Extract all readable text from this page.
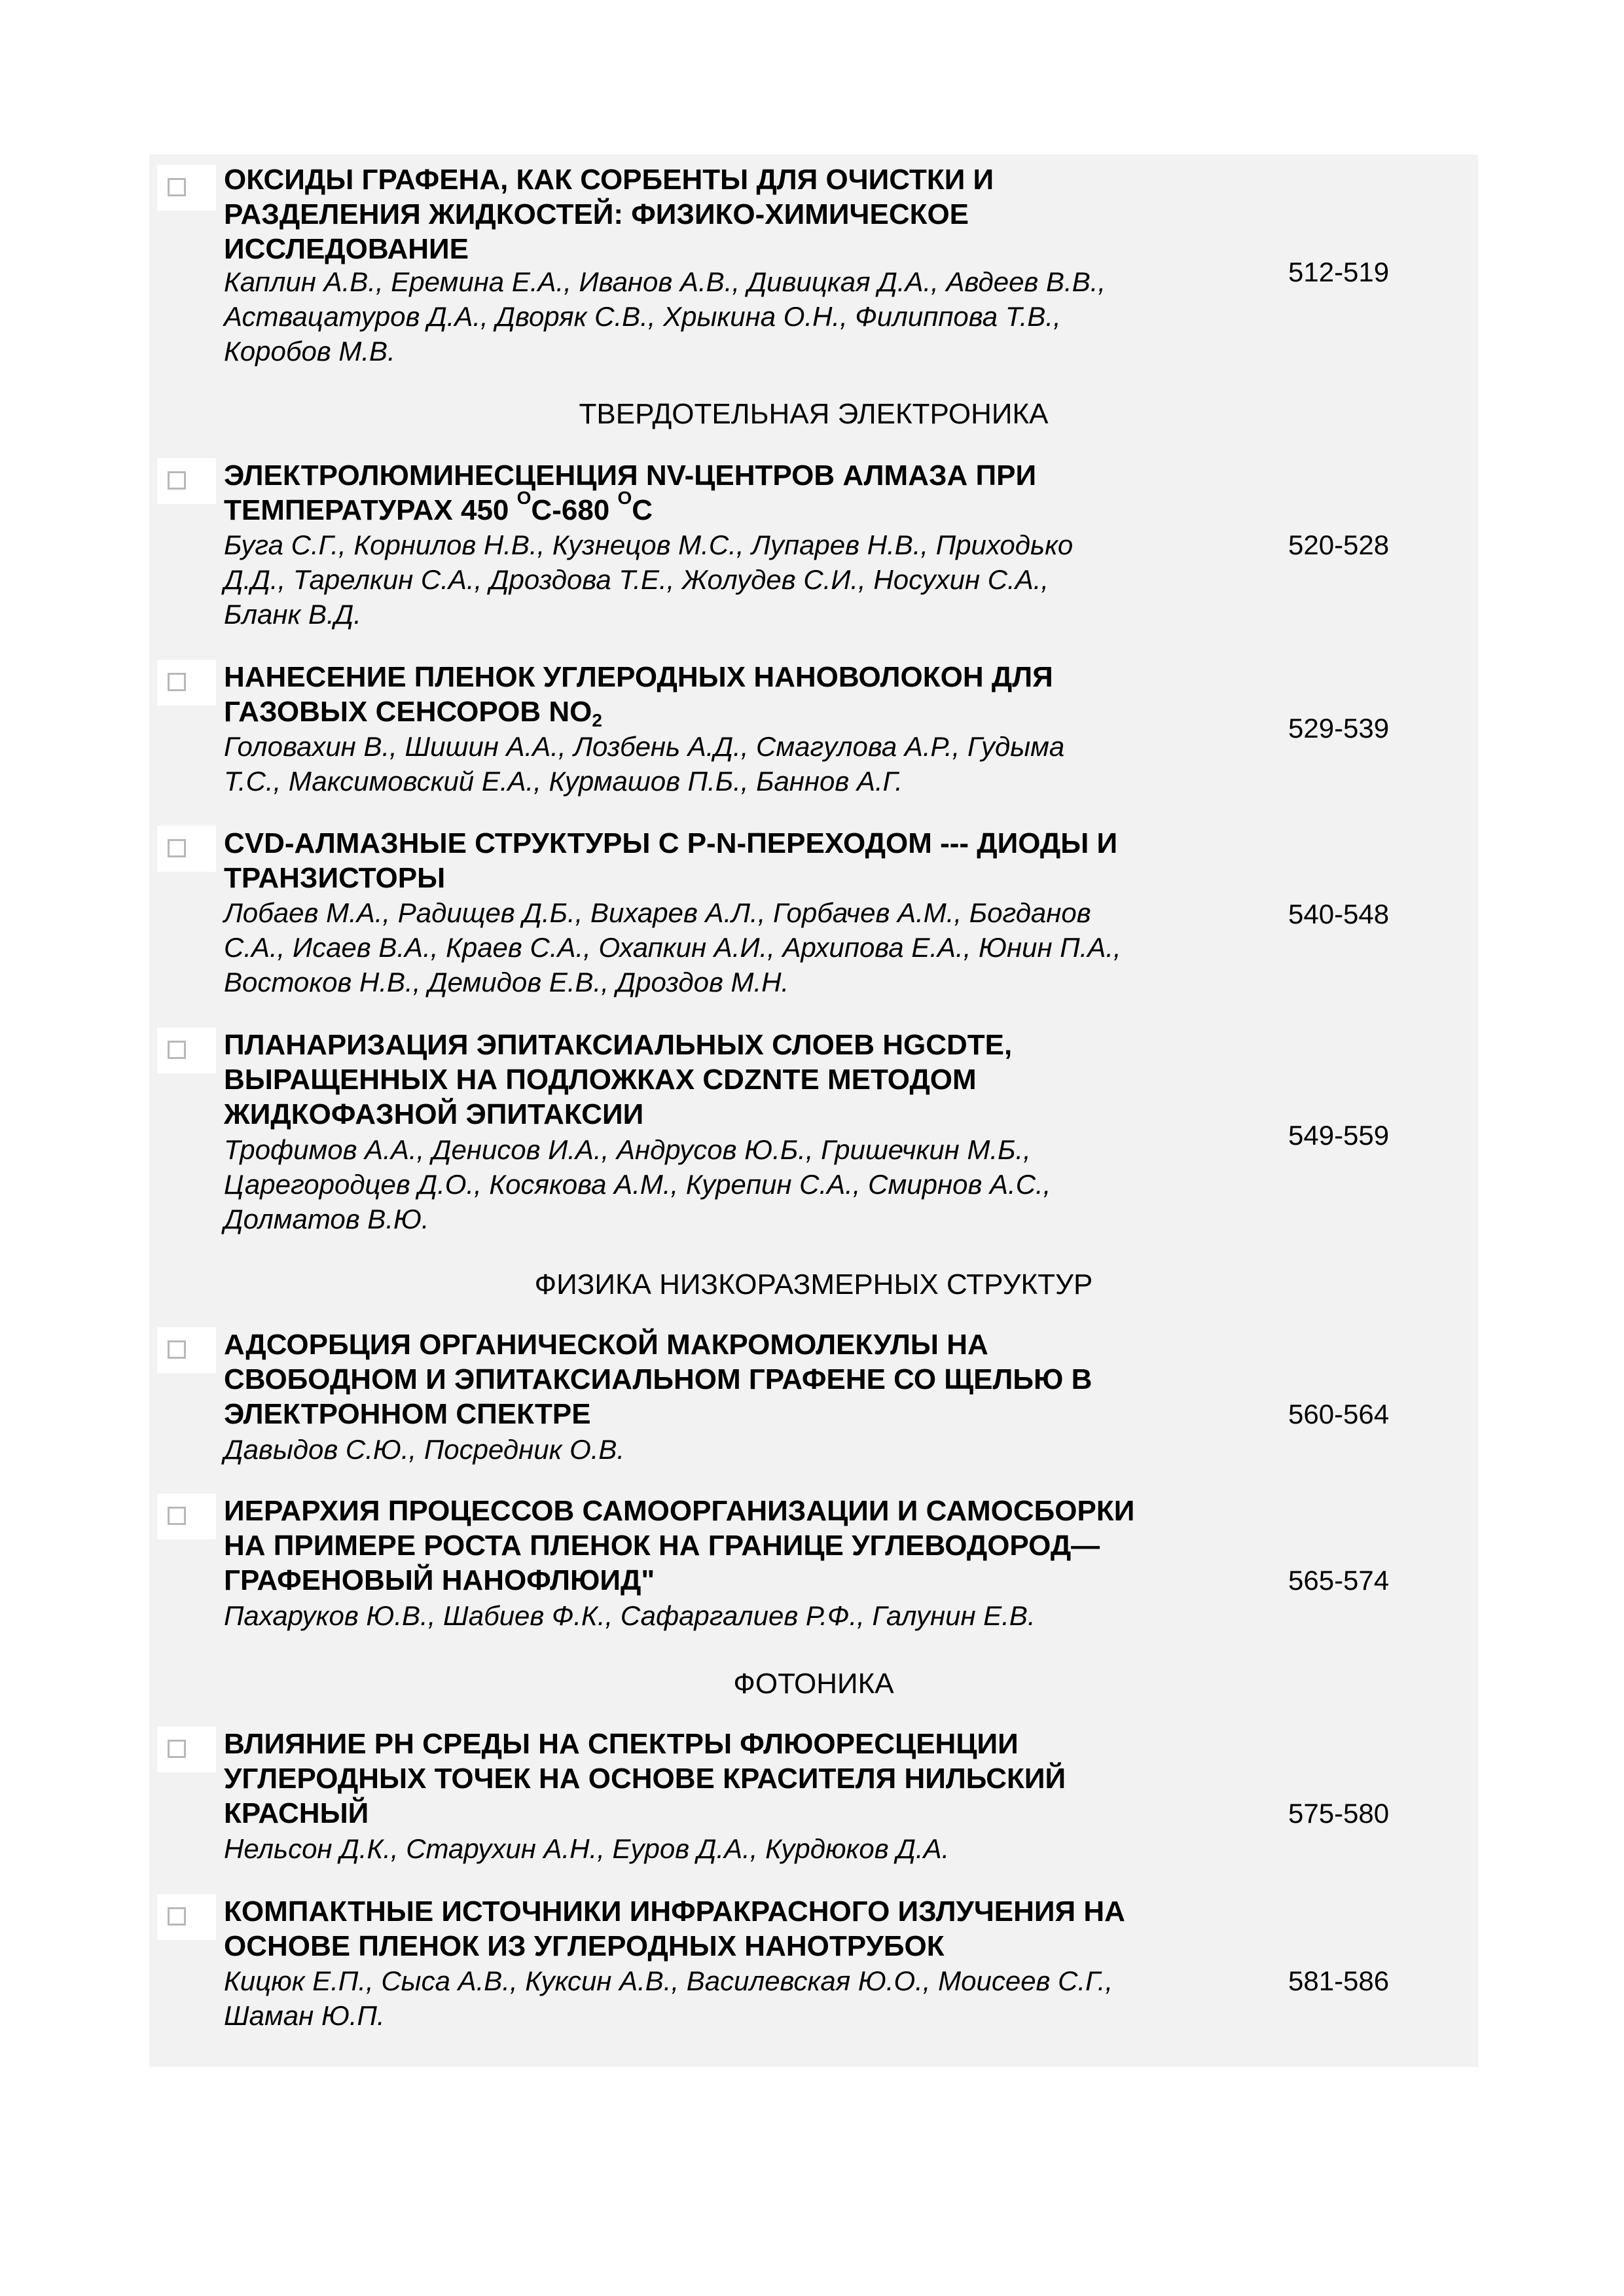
ОКСИДЫ ГРАФЕНА, КАК СОРБЕНТЫ ДЛЯ ОЧИСТКИ И
РАЗДЕЛЕНИЯ ЖИДКОСТЕЙ: ФИЗИКО-ХИМИЧЕСКОЕ
ИССЛЕДОВАНИЕ
Каплин А.В., Еремина Е.А., Иванов А.В., Дивицкая Д.А., Авдеев В.В.,
Аствацатуров Д.А., Дворяк С.В., Хрыкина О.Н., Филиппова Т.В.,
Коробов М.В.
512-519
ТВЕРДОТЕЛЬНАЯ ЭЛЕКТРОНИКА
ЭЛЕКТРОЛЮМИНЕСЦЕНЦИЯ NV-ЦЕНТРОВ АЛМАЗА ПРИ
ТЕМПЕРАТУРАХ 450 $^O$C-680 $^O$C
Буга С.Г., Корнилов Н.В., Кузнецов М.С., Лупарев Н.В., Приходько
Д.Д., Тарелкин С.А., Дроздова Т.Е., Жолудев С.И., Носухин С.А.,
Бланк В.Д.
520-528
НАНЕСЕНИЕ ПЛЕНОК УГЛЕРОДНЫХ НАНОВОЛОКОН ДЛЯ
ГАЗОВЫХ СЕНСОРОВ $NO_2$
Головахин В., Шишин А.А., Лозбень А.Д., Смагулова А.Р., Гудыма
Т.С., Максимовский Е.А., Курмашов П.Б., Баннов А.Г.
529-539
CVD-АЛМАЗНЫЕ СТРУКТУРЫ С P-N-ПЕРЕХОДОМ --- ДИОДЫ И
ТРАНЗИСТОРЫ
Лобаев М.А., Радищев Д.Б., Вихарев А.Л., Горбачев А.М., Богданов
С.А., Исаев В.А., Краев С.А., Охапкин А.И., Архипова Е.А., Юнин П.А.,
Востоков Н.В., Демидов Е.В., Дроздов М.Н.
540-548
ПЛАНАРИЗАЦИЯ ЭПИТАКСИАЛЬНЫХ СЛОЕВ HGCDTE,
ВЫРАЩЕННЫХ НА ПОДЛОЖКАХ CDZNTE МЕТОДОМ
ЖИДКОФАЗНОЙ ЭПИТАКСИИ
Трофимов А.А., Денисов И.А., Андрусов Ю.Б., Гришечкин М.Б.,
Царегородцев Д.О., Косякова А.М., Курепин С.А., Смирнов А.С.,
Долматов В.Ю.
549-559
ФИЗИКА НИЗКОРАЗМЕРНЫХ СТРУКТУР
АДСОРБЦИЯ ОРГАНИЧЕСКОЙ МАКРОМОЛЕКУЛЫ НА
СВОБОДНОМ И ЭПИТАКСИАЛЬНОМ ГРАФЕНЕ СО ЩЕЛЬЮ В
ЭЛЕКТРОННОМ СПЕКТРЕ
Давыдов С.Ю., Посредник О.В.
560-564
ИЕРАРХИЯ ПРОЦЕССОВ САМООРГАНИЗАЦИИ И САМОСБОРКИ
НА ПРИМЕРЕ РОСТА ПЛЕНОК НА ГРАНИЦЕ УГЛЕВОДОРОД—
ГРАФЕНОВЫЙ НАНОФЛЮИД"
Пахаруков Ю.В., Шабиев Ф.К., Сафаргалиев Р.Ф., Галунин Е.В.
565-574
ФОТОНИКА
ВЛИЯНИЕ PH СРЕДЫ НА СПЕКТРЫ ФЛЮОРЕСЦЕНЦИИ
УГЛЕРОДНЫХ ТОЧЕК НА ОСНОВЕ КРАСИТЕЛЯ НИЛЬСКИЙ
КРАСНЫЙ
Нельсон Д.К., Старухин А.Н., Еуров Д.А., Курдюков Д.А.
575-580
КОМПАКТНЫЕ ИСТОЧНИКИ ИНФРАКРАСНОГО ИЗЛУЧЕНИЯ НА
ОСНОВЕ ПЛЕНОК ИЗ УГЛЕРОДНЫХ НАНОТРУБОК
Кицюк Е.П., Сыса А.В., Куксин А.В., Василевская Ю.О., Моисеев С.Г.,
Шаман Ю.П.
581-586
